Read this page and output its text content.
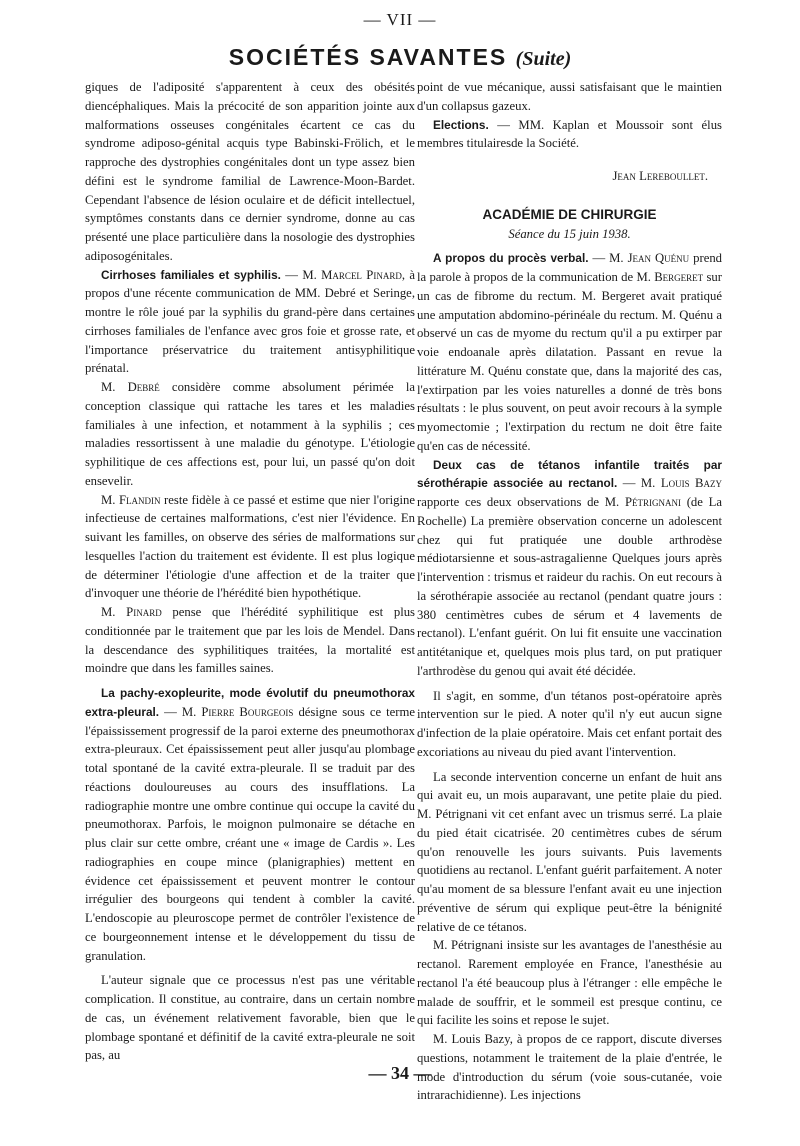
— VII —
SOCIÉTÉS SAVANTES (Suite)

giques de l'adiposité s'apparentent à ceux des obésités diencéphaliques. Mais la précocité de son apparition jointe aux malformations osseuses congénitales écartent ce cas du syndrome adiposo-génital acquis type Babinski-Frölich, et le rapproche des dystrophies congénitales dont un type assez bien défini est le syndrome familial de Lawrence-Moon-Bardet. Cependant l'absence de lésion oculaire et de déficit intellectuel, symptômes constants dans ce dernier syndrome, donne au cas présenté une place particulière dans la nosologie des dystrophies adiposogénitales.

Cirrhoses familiales et syphilis. — M. Marcel Pinard, à propos d'une récente communication de MM. Debré et Seringe, montre le rôle joué par la syphilis du grand-père dans certaines cirrhoses familiales de l'enfance avec gros foie et grosse rate, et l'importance préservatrice du traitement antisyphilitique prénatal.

M. Debré considère comme absolument périmée la conception classique qui rattache les tares et les maladies familiales à une infection, et notamment à la syphilis ; ces maladies ressortissent à une maladie du génotype. L'étiologie syphilitique de ces affections est, pour lui, un passé qu'on doit ensevelir.

M. Flandin reste fidèle à ce passé et estime que nier l'origine infectieuse de certaines malformations, c'est nier l'évidence. En suivant les familles, on observe des séries de malformations sur lesquelles l'action du traitement est évidente. Il est plus logique de déterminer l'étiologie d'une affection et de la traiter que d'invoquer une théorie de l'hérédité bien hypothétique.

M. Pinard pense que l'hérédité syphilitique est plus conditionnée par le traitement que par les lois de Mendel. Dans la descendance des syphilitiques traitées, la mortalité est moindre que dans les familles saines.

La pachy-exopleurite, mode évolutif du pneumothorax extra-pleural. — M. Pierre Bourgeois désigne sous ce terme l'épaississement progressif de la paroi externe des pneumothorax extra-pleuraux. Cet épaississement peut aller jusqu'au plombage total spontané de la cavité extra-pleurale. Il se traduit par des réactions douloureuses au cours des insufflations. La radiographie montre une ombre continue qui occupe la cavité du pneumothorax. Parfois, le moignon pulmonaire se détache en plus clair sur cette ombre, créant une « image de Cardis ». Les radiographies en coupe mince (planigraphies) mettent en évidence cet épaississement et peuvent montrer le contour irrégulier des bourgeons qui tendent à combler la cavité. L'endoscopie au pleuroscope permet de contrôler l'existence de ce bourgeonnement intense et le développement du tissu de granulation.

L'auteur signale que ce processus n'est pas une véritable complication. Il constitue, au contraire, dans un certain nombre de cas, un événement relativement favorable, bien que le plombage spontané et définitif de la cavité extra-pleurale ne soit pas, au

point de vue mécanique, aussi satisfaisant que le maintien d'un collapsus gazeux.

Elections. — MM. Kaplan et Moussoir sont élus membres titulairesde la Société.

Jean Lereboullet.

ACADÉMIE DE CHIRURGIE

Séance du 15 juin 1938.

A propos du procès verbal. — M. Jean Quénu prend la parole à propos de la communication de M. Bergeret sur un cas de fibrome du rectum. M. Bergeret avait pratiqué une amputation abdomino-périnéale du rectum. M. Quénu a observé un cas de myome du rectum qu'il a pu extirper par voie endoanale après dilatation. Passant en revue la littérature M. Quénu constate que, dans la majorité des cas, l'extirpation par les voies naturelles a donné de très bons résultats : le plus souvent, on peut avoir recours à la symple myomectomie ; l'extirpation du rectum ne doit être faite qu'en cas de nécessité.

Deux cas de tétanos infantile traités par sérothérapie associée au rectanol. — M. Louis Bazy rapporte ces deux observations de M. Pétrignani (de La Rochelle) La première observation concerne un adolescent chez qui fut pratiquée une double arthrodèse médiotarsienne et sous-astragalienne Quelques jours après l'intervention : trismus et raideur du rachis. On eut recours à la sérothérapie associée au rectanol (pendant quatre jours : 380 centimètres cubes de sérum et 4 lavements de rectanol). L'enfant guérit. On lui fit ensuite une vaccination antitétanique et, quelques mois plus tard, on put pratiquer l'arthrodèse du genou qui avait été décidée.

Il s'agit, en somme, d'un tétanos post-opératoire après intervention sur le pied. A noter qu'il n'y eut aucun signe d'infection de la plaie opératoire. Mais cet enfant portait des excoriations au niveau du pied avant l'intervention.

La seconde intervention concerne un enfant de huit ans qui avait eu, un mois auparavant, une petite plaie du pied. M. Pétrignani vit cet enfant avec un trismus serré. La plaie du pied était cicatrisée. 20 centimètres cubes de sérum qu'on renouvelle les jours suivants. Puis lavements quotidiens au rectanol. L'enfant guérit parfaitement. A noter qu'au moment de sa blessure l'enfant avait eu une injection préventive de sérum qui explique peut-être la bénignité relative de ce tétanos.

M. Pétrignani insiste sur les avantages de l'anesthésie au rectanol. Rarement employée en France, l'anesthésie au rectanol l'a été beaucoup plus à l'étranger : elle empêche le malade de souffrir, et le sommeil est presque continu, ce qui facilite les soins et repose le sujet.

M. Louis Bazy, à propos de ce rapport, discute diverses questions, notamment le traitement de la plaie d'entrée, le mode d'introduction du sérum (voie sous-cutanée, voie intrarachidienne). Les injections

— 34 —
